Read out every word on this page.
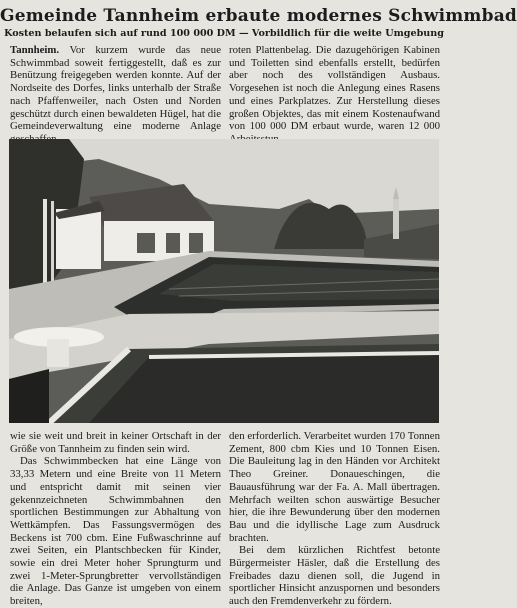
Gemeinde Tannheim erbaute modernes Schwimmbad
Kosten belaufen sich auf rund 100 000 DM — Vorbildlich für die weite Umgebung

Tannheim. Vor kurzem wurde das neue Schwimmbad soweit fertiggestellt, daß es zur Benützung freigegeben werden konnte. Auf der Nordseite des Dorfes, links unterhalb der Straße nach Pfaffenweiler, nach Osten und Norden geschützt durch einen bewaldeten Hügel, hat die Gemeindeverwaltung eine moderne Anlage

roten Plattenbelag. Die dazugehörigen Kabinen und Toiletten sind ebenfalls erstellt, bedürfen aber noch des vollständigen Ausbaus. Vorgesehen ist noch die Anlegung eines Rasens und eines Parkplatzes. Zur Herstellung dieses großen Objektes, das mit einem Kostenaufwand von 100 000 DM erbaut wurde, waren 12 000

wie sie weit und breit in keiner Ortschaft in der Größe von Tannheim zu finden sein wird.

Das Schwimmbecken hat eine Länge von 33,33 Metern und eine Breite von 11 Metern und entspricht damit mit seinen vier gekennzeichneten Schwimmbahnen den sportlichen Bestimmungen zur Abhaltung von Wettkämpfen. Das Fassungsvermögen des Beckens ist 700 cbm. Eine Fußwaschrinne auf zwei Seiten, ein Plantschbecken für Kinder, sowie ein drei Meter hoher Sprungturm und zwei 1-Meter-Sprungbretter vervollständigen die Anlage. Das Ganze ist umgeben von einem breiten,

den erforderlich. Verarbeitet wurden 170 Tonnen Zement, 800 cbm Kies und 10 Tonnen Eisen. Die Bauleitung lag in den Händen vor Architekt Theo Greiner. Donaueschingen, die Bauausführung war der Fa. A. Mall übertragen. Mehrfach weilten schon auswärtige Besucher hier, die ihre Bewunderung über den modernen Bau und die idyllische Lage zum Ausdruck brachten.

Bei dem kürzlichen Richtfest betonte Bürgermeister Häsler, daß die Erstellung des Freibades dazu dienen soll, die Jugend in sportlicher Hinsicht anzuspornen und besonders auch den Fremdenverkehr zu fördern.
